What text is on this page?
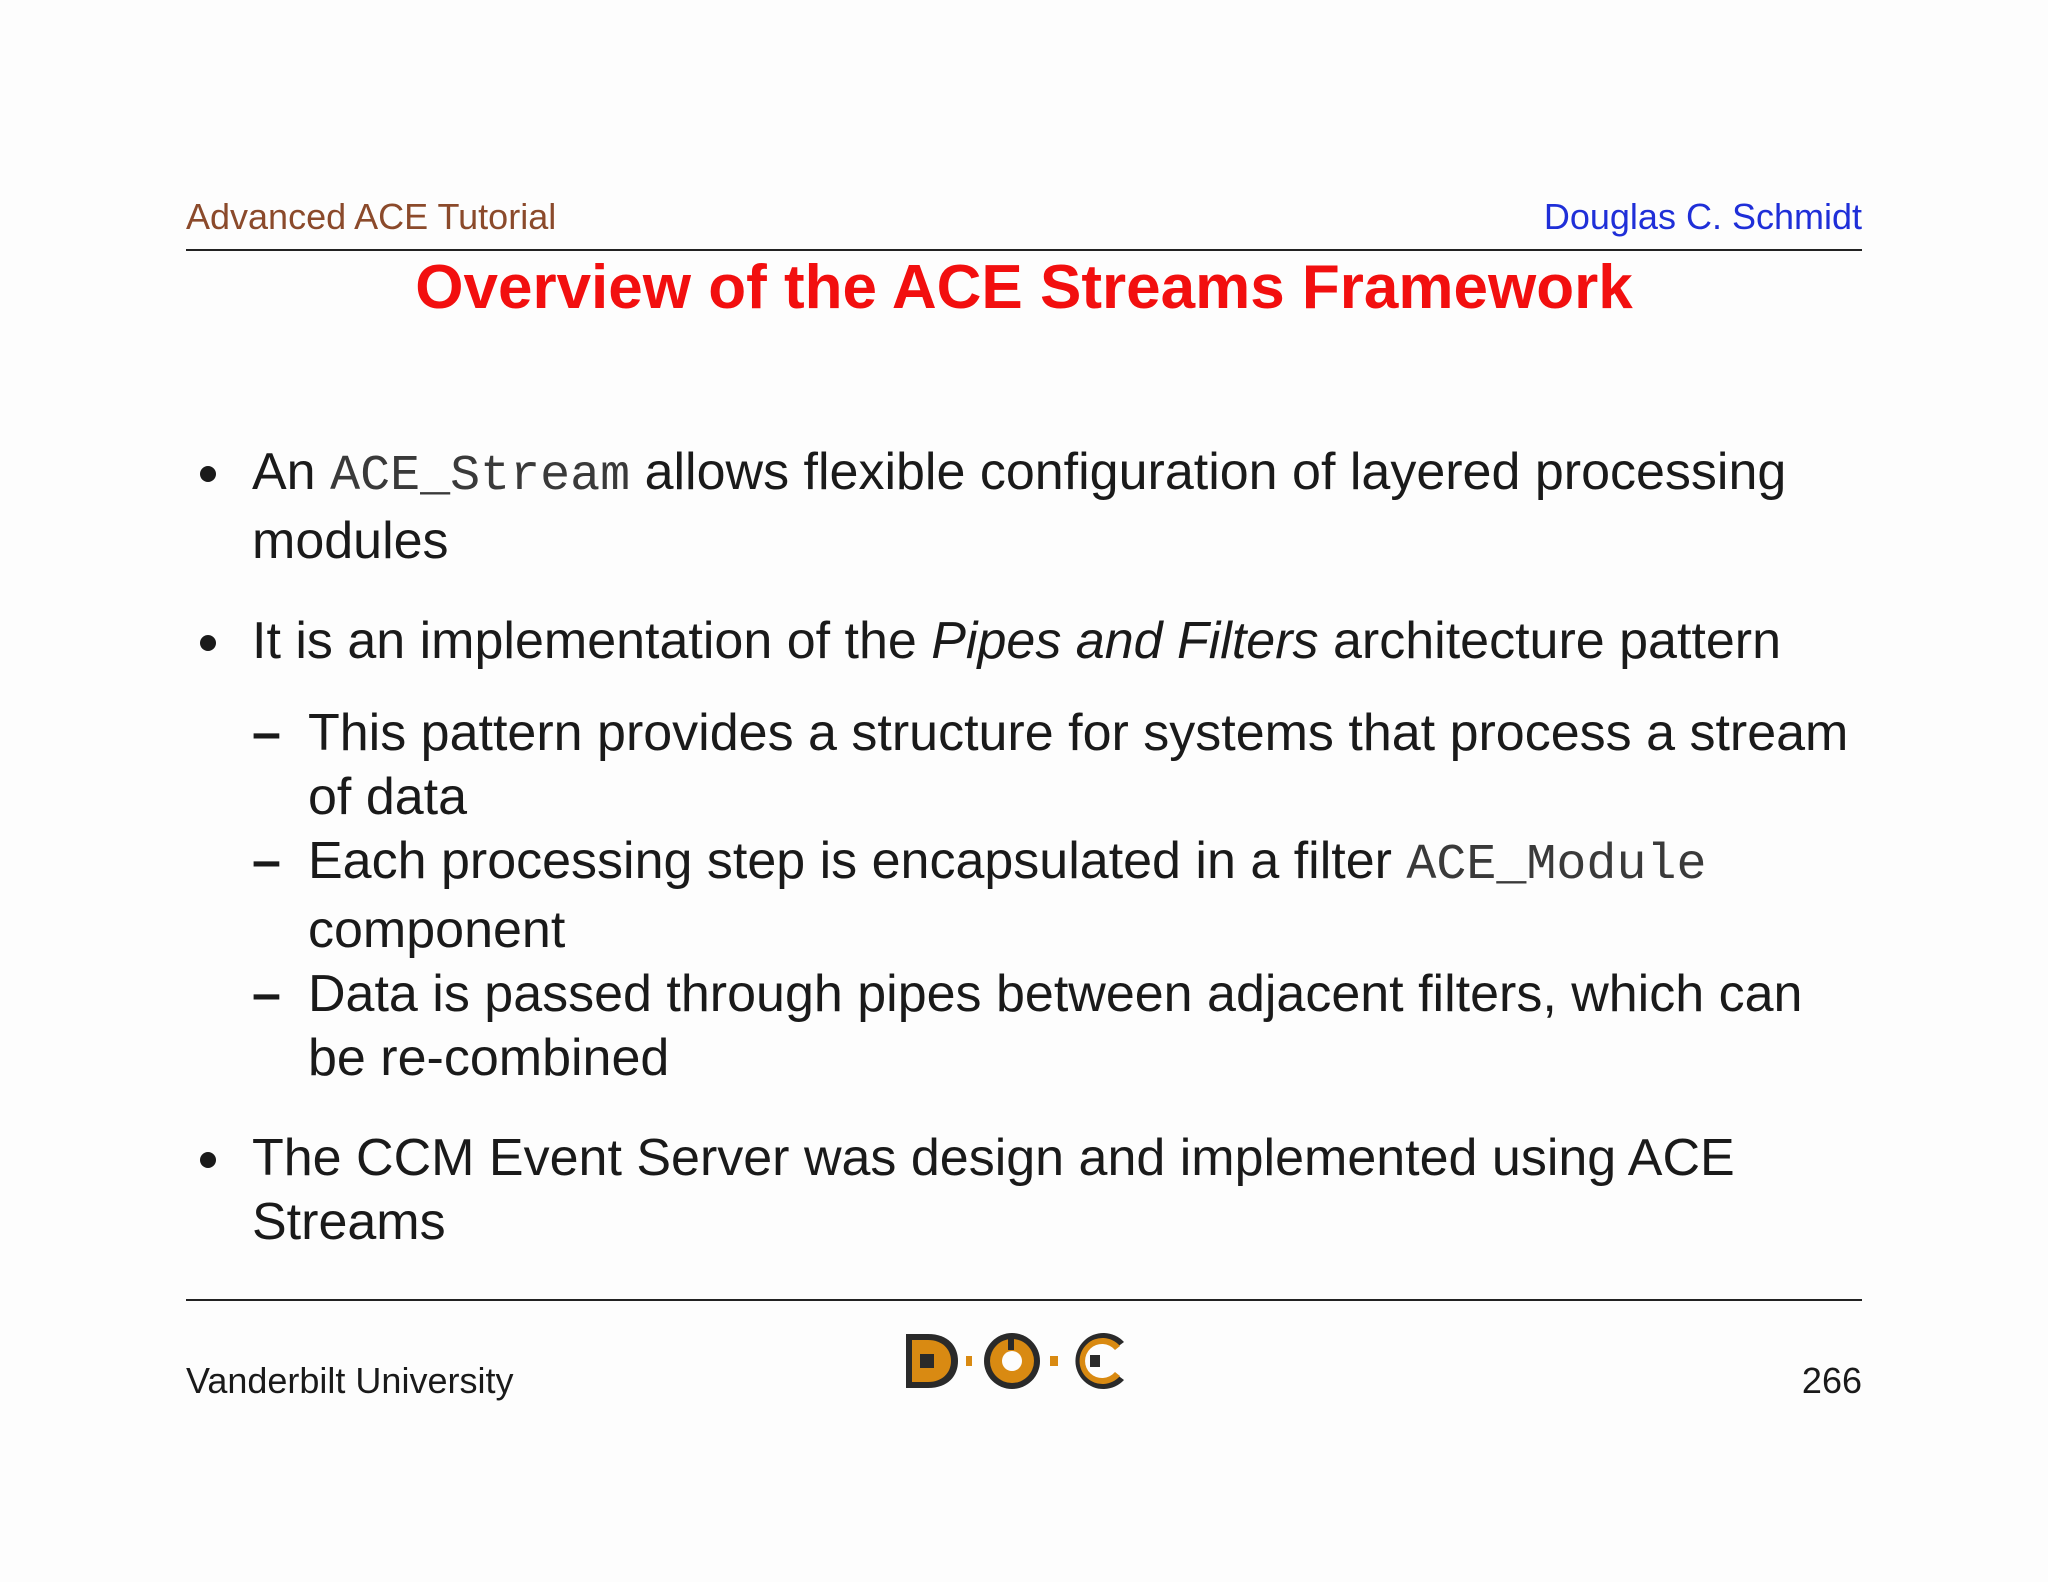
Advanced ACE Tutorial	Douglas C. Schmidt
Overview of the ACE Streams Framework
An ACE_Stream allows flexible configuration of layered processing modules
It is an implementation of the Pipes and Filters architecture pattern
– This pattern provides a structure for systems that process a stream of data
– Each processing step is encapsulated in a filter ACE_Module component
– Data is passed through pipes between adjacent filters, which can be re-combined
The CCM Event Server was design and implemented using ACE Streams
Vanderbilt University	266
